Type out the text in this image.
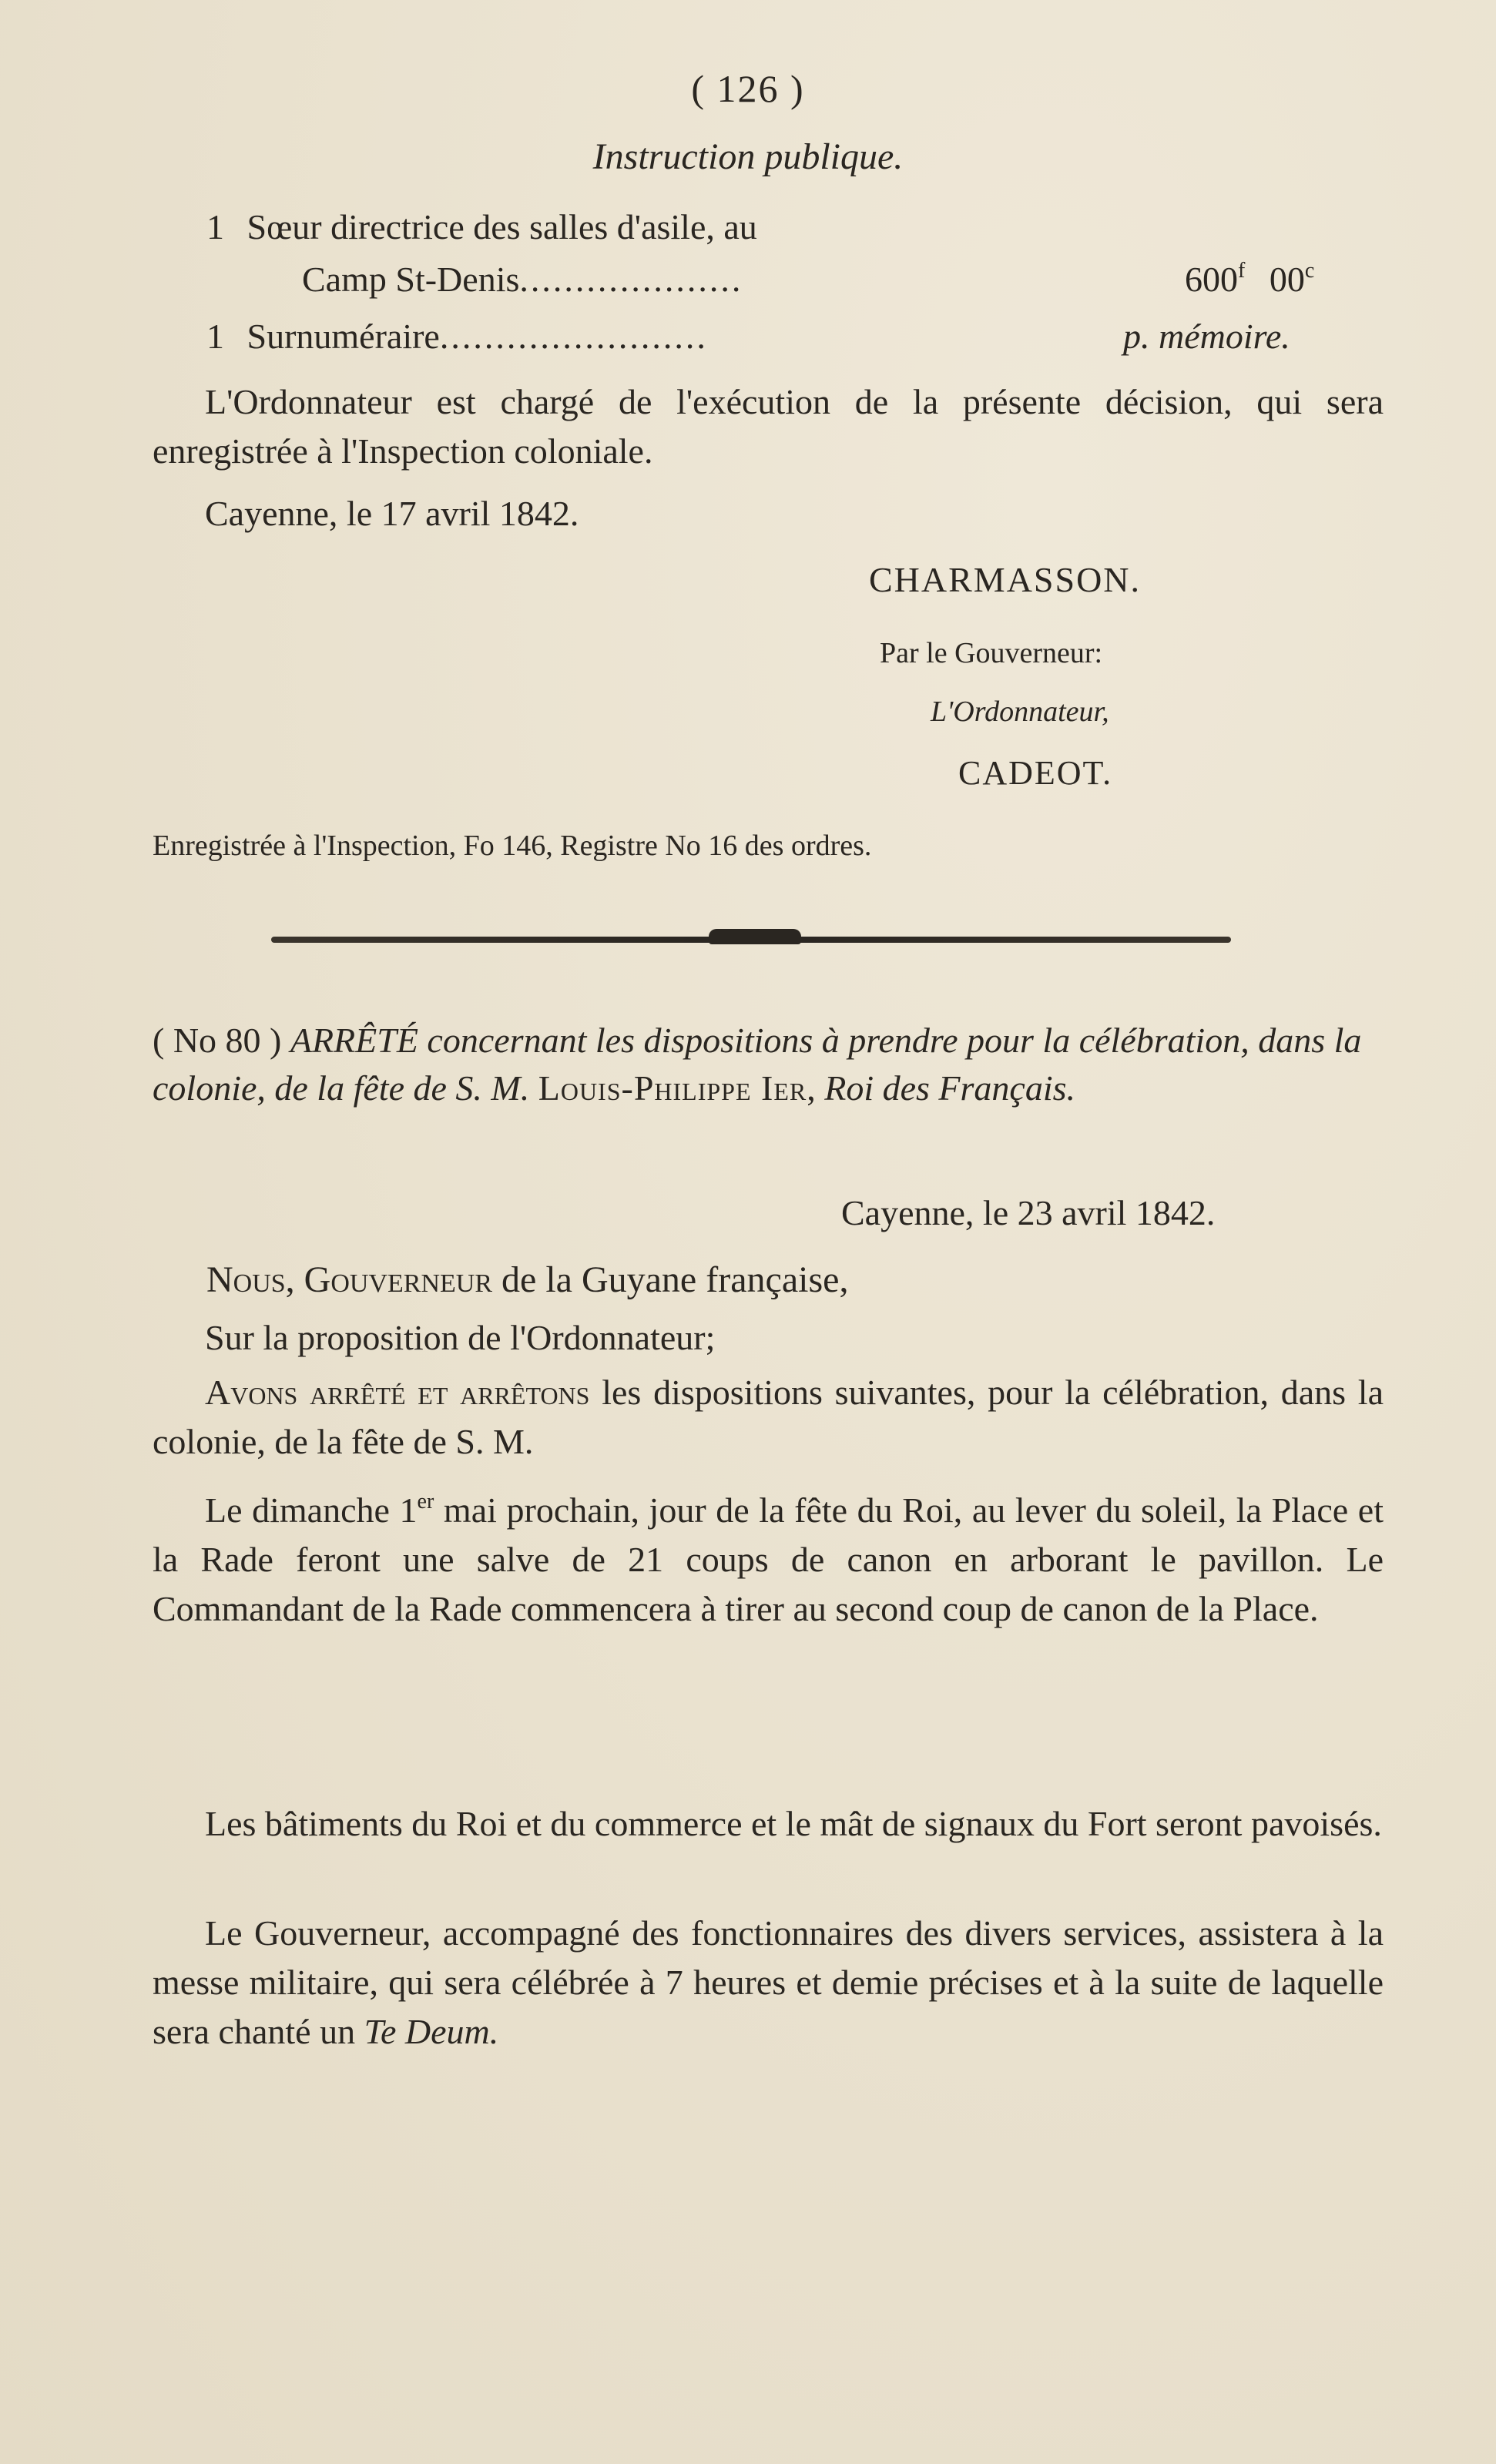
( 126 )
Instruction publique.
1 Sœur directrice des salles d'asile, au
Camp St-Denis....................	600$^f$ 00$^c$
1 Surnuméraire........................	p. mémoire.
L'Ordonnateur est chargé de l'exécution de la présente décision, qui sera enregistrée à l'Inspection coloniale.
Cayenne, le 17 avril 1842.
CHARMASSON.
Par le Gouverneur:
L'Ordonnateur,
CADEOT.
Enregistrée à l'Inspection, Fo 146, Registre No 16 des ordres.
( No 80 ) ARRÊTÉ concernant les dispositions à prendre pour la célébration, dans la colonie, de la fête de S. M. Louis-Philippe Ier, Roi des Français.
Cayenne, le 23 avril 1842.
Nous, Gouverneur de la Guyane française,
Sur la proposition de l'Ordonnateur;
Avons arrêté et arrêtons les dispositions suivantes, pour la célébration, dans la colonie, de la fête de S. M.
Le dimanche 1er mai prochain, jour de la fête du Roi, au lever du soleil, la Place et la Rade feront une salve de 21 coups de canon en arborant le pavillon. Le Commandant de la Rade commencera à tirer au second coup de canon de la Place.
Les bâtiments du Roi et du commerce et le mât de signaux du Fort seront pavoisés.
Le Gouverneur, accompagné des fonctionnaires des divers services, assistera à la messe militaire, qui sera célébrée à 7 heures et demie précises et à la suite de laquelle sera chanté un Te Deum.
